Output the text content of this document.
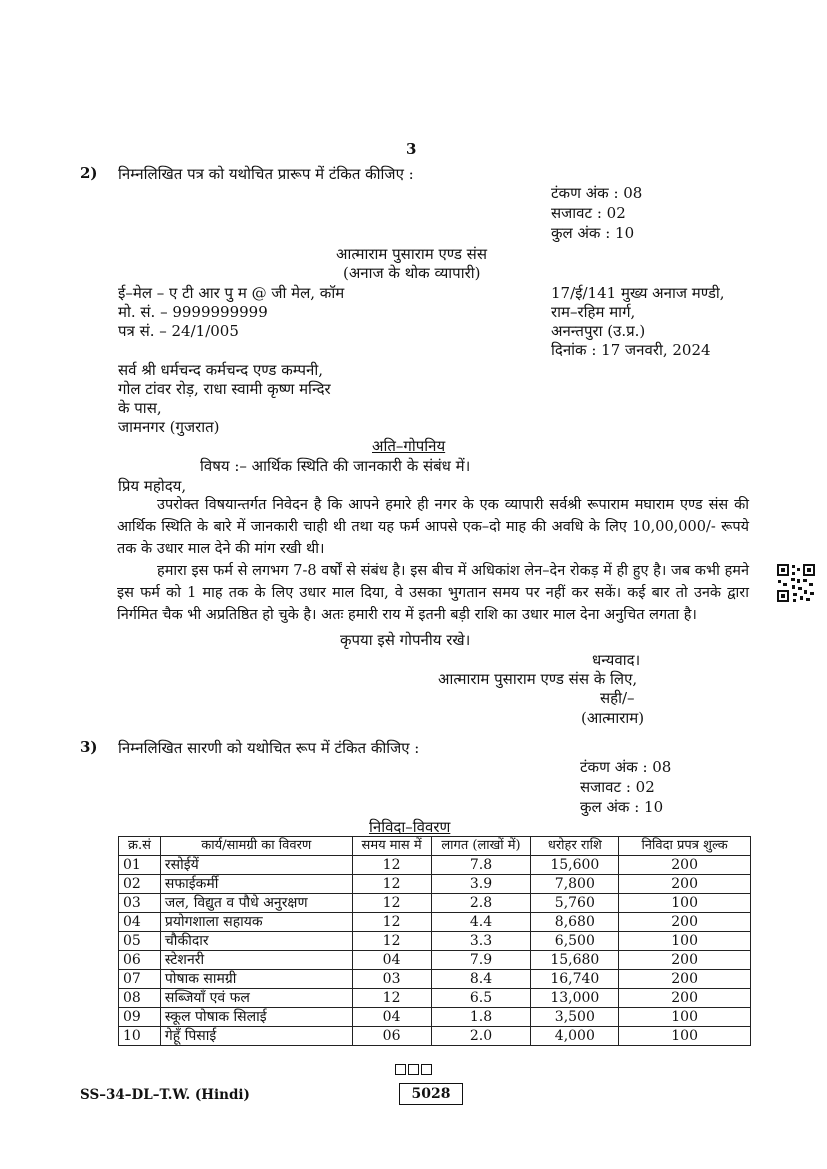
3
2) निम्नलिखित पत्र को यथोचित प्रारूप में टंकित कीजिए :
टंकण अंक : 08
सजावट : 02
कुल अंक : 10
आत्माराम पुसाराम एण्ड संस
(अनाज के थोक व्यापारी)
ई–मेल – ए टी आर पु म @ जी मेल, कॉम
मो. सं. – 9999999999
पत्र सं. – 24/1/005
17/ई/141 मुख्य अनाज मण्डी,
राम–रहिम मार्ग,
अनन्तपुरा (उ.प्र.)
दिनांक : 17 जनवरी, 2024
सर्व श्री धर्मचन्द कर्मचन्द एण्ड कम्पनी,
गोल टांवर रोड़, राधा स्वामी कृष्ण मन्दिर
के पास,
जामनगर (गुजरात)
अति–गोपनिय
विषय :– आर्थिक स्थिति की जानकारी के संबंध में।
प्रिय महोदय,
उपरोक्त विषयान्तर्गत निवेदन है कि आपने हमारे ही नगर के एक व्यापारी सर्वश्री रूपाराम मघाराम एण्ड संस की आर्थिक स्थिति के बारे में जानकारी चाही थी तथा यह फर्म आपसे एक–दो माह की अवधि के लिए 10,00,000/- रूपये तक के उधार माल देने की मांग रखी थी।
हमारा इस फर्म से लगभग 7-8 वर्षों से संबंध है। इस बीच में अधिकांश लेन–देन रोकड़ में ही हुए है। जब कभी हमने इस फर्म को 1 माह तक के लिए उधार माल दिया, वे उसका भुगतान समय पर नहीं कर सकें। कई बार तो उनके द्वारा निर्गमित चैक भी अप्रतिष्ठित हो चुके है। अतः हमारी राय में इतनी बड़ी राशि का उधार माल देना अनुचित लगता है।
कृपया इसे गोपनीय रखे।
धन्यवाद।
आत्माराम पुसाराम एण्ड संस के लिए,
सही/–
(आत्माराम)
3) निम्नलिखित सारणी को यथोचित रूप में टंकित कीजिए :
टंकण अंक : 08
सजावट : 02
कुल अंक : 10
निविदा–विवरण
क्र.सं	कार्य/सामग्री का विवरण	समय मास में	लागत (लाखों में)	धरोहर राशि	निविदा प्रपत्र शुल्क
01	रसोईयें	12	7.8	15,600	200
02	सफाईकर्मी	12	3.9	7,800	200
03	जल, विद्युत व पौधे अनुरक्षण	12	2.8	5,760	100
04	प्रयोगशाला सहायक	12	4.4	8,680	200
05	चौकीदार	12	3.3	6,500	100
06	स्टेशनरी	04	7.9	15,680	200
07	पोषाक सामग्री	03	8.4	16,740	200
08	सब्जियाँ एवं फल	12	6.5	13,000	200
09	स्कूल पोषाक सिलाई	04	1.8	3,500	100
10	गेहूँ पिसाई	06	2.0	4,000	100
SS–34–DL–T.W. (Hindi)	5028
